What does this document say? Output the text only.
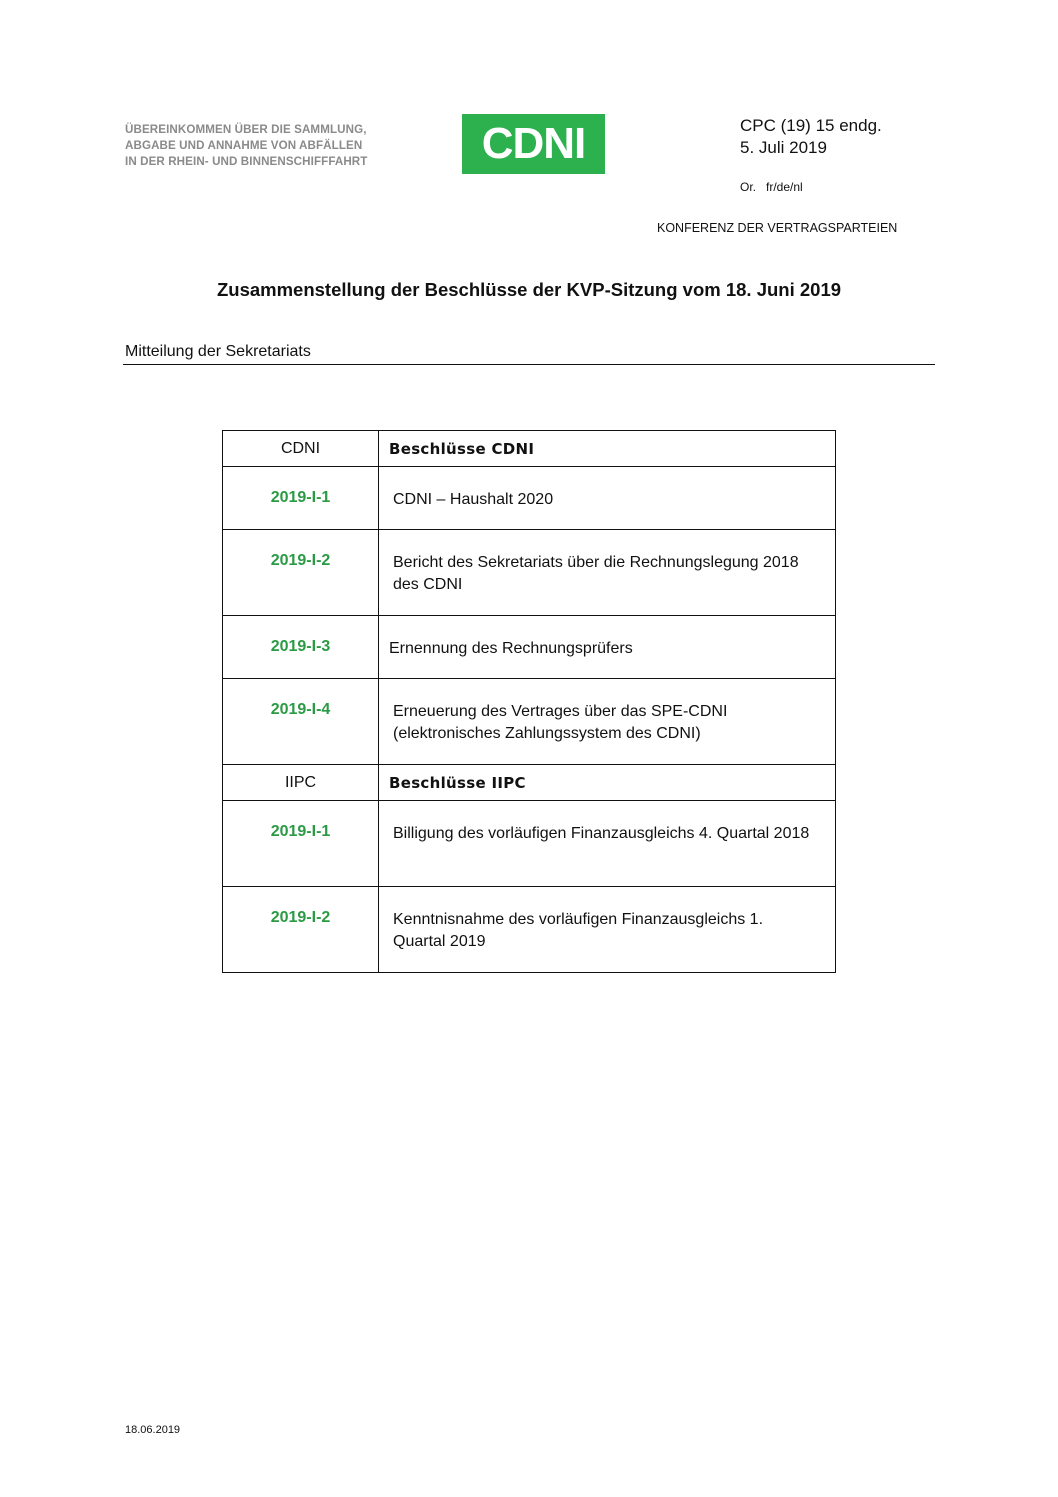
ÜBEREINKOMMEN ÜBER DIE SAMMLUNG,
ABGABE UND ANNAHME VON ABFÄLLEN
IN DER RHEIN- UND BINNENSCHIFFFAHRT	CDNI	CPC (19) 15 endg.
5. Juli 2019
Or.   fr/de/nl
KONFERENZ DER VERTRAGSPARTEIEN
Zusammenstellung der Beschlüsse der KVP-Sitzung vom 18. Juni 2019
Mitteilung der Sekretariats
CDNI	Beschlüsse CDNI

2019-I-1	CDNI – Haushalt 2020

2019-I-2	Bericht des Sekretariats über die Rechnungslegung 2018 des CDNI

2019-I-3	Ernennung des Rechnungsprüfers

2019-I-4	Erneuerung des Vertrages über das SPE-CDNI (elektronisches Zahlungssystem des CDNI)

IIPC	Beschlüsse IIPC

2019-I-1	Billigung des vorläufigen Finanzausgleichs 4. Quartal 2018

2019-I-2	Kenntnisnahme des vorläufigen Finanzausgleichs 1. Quartal 2019
18.06.2019
